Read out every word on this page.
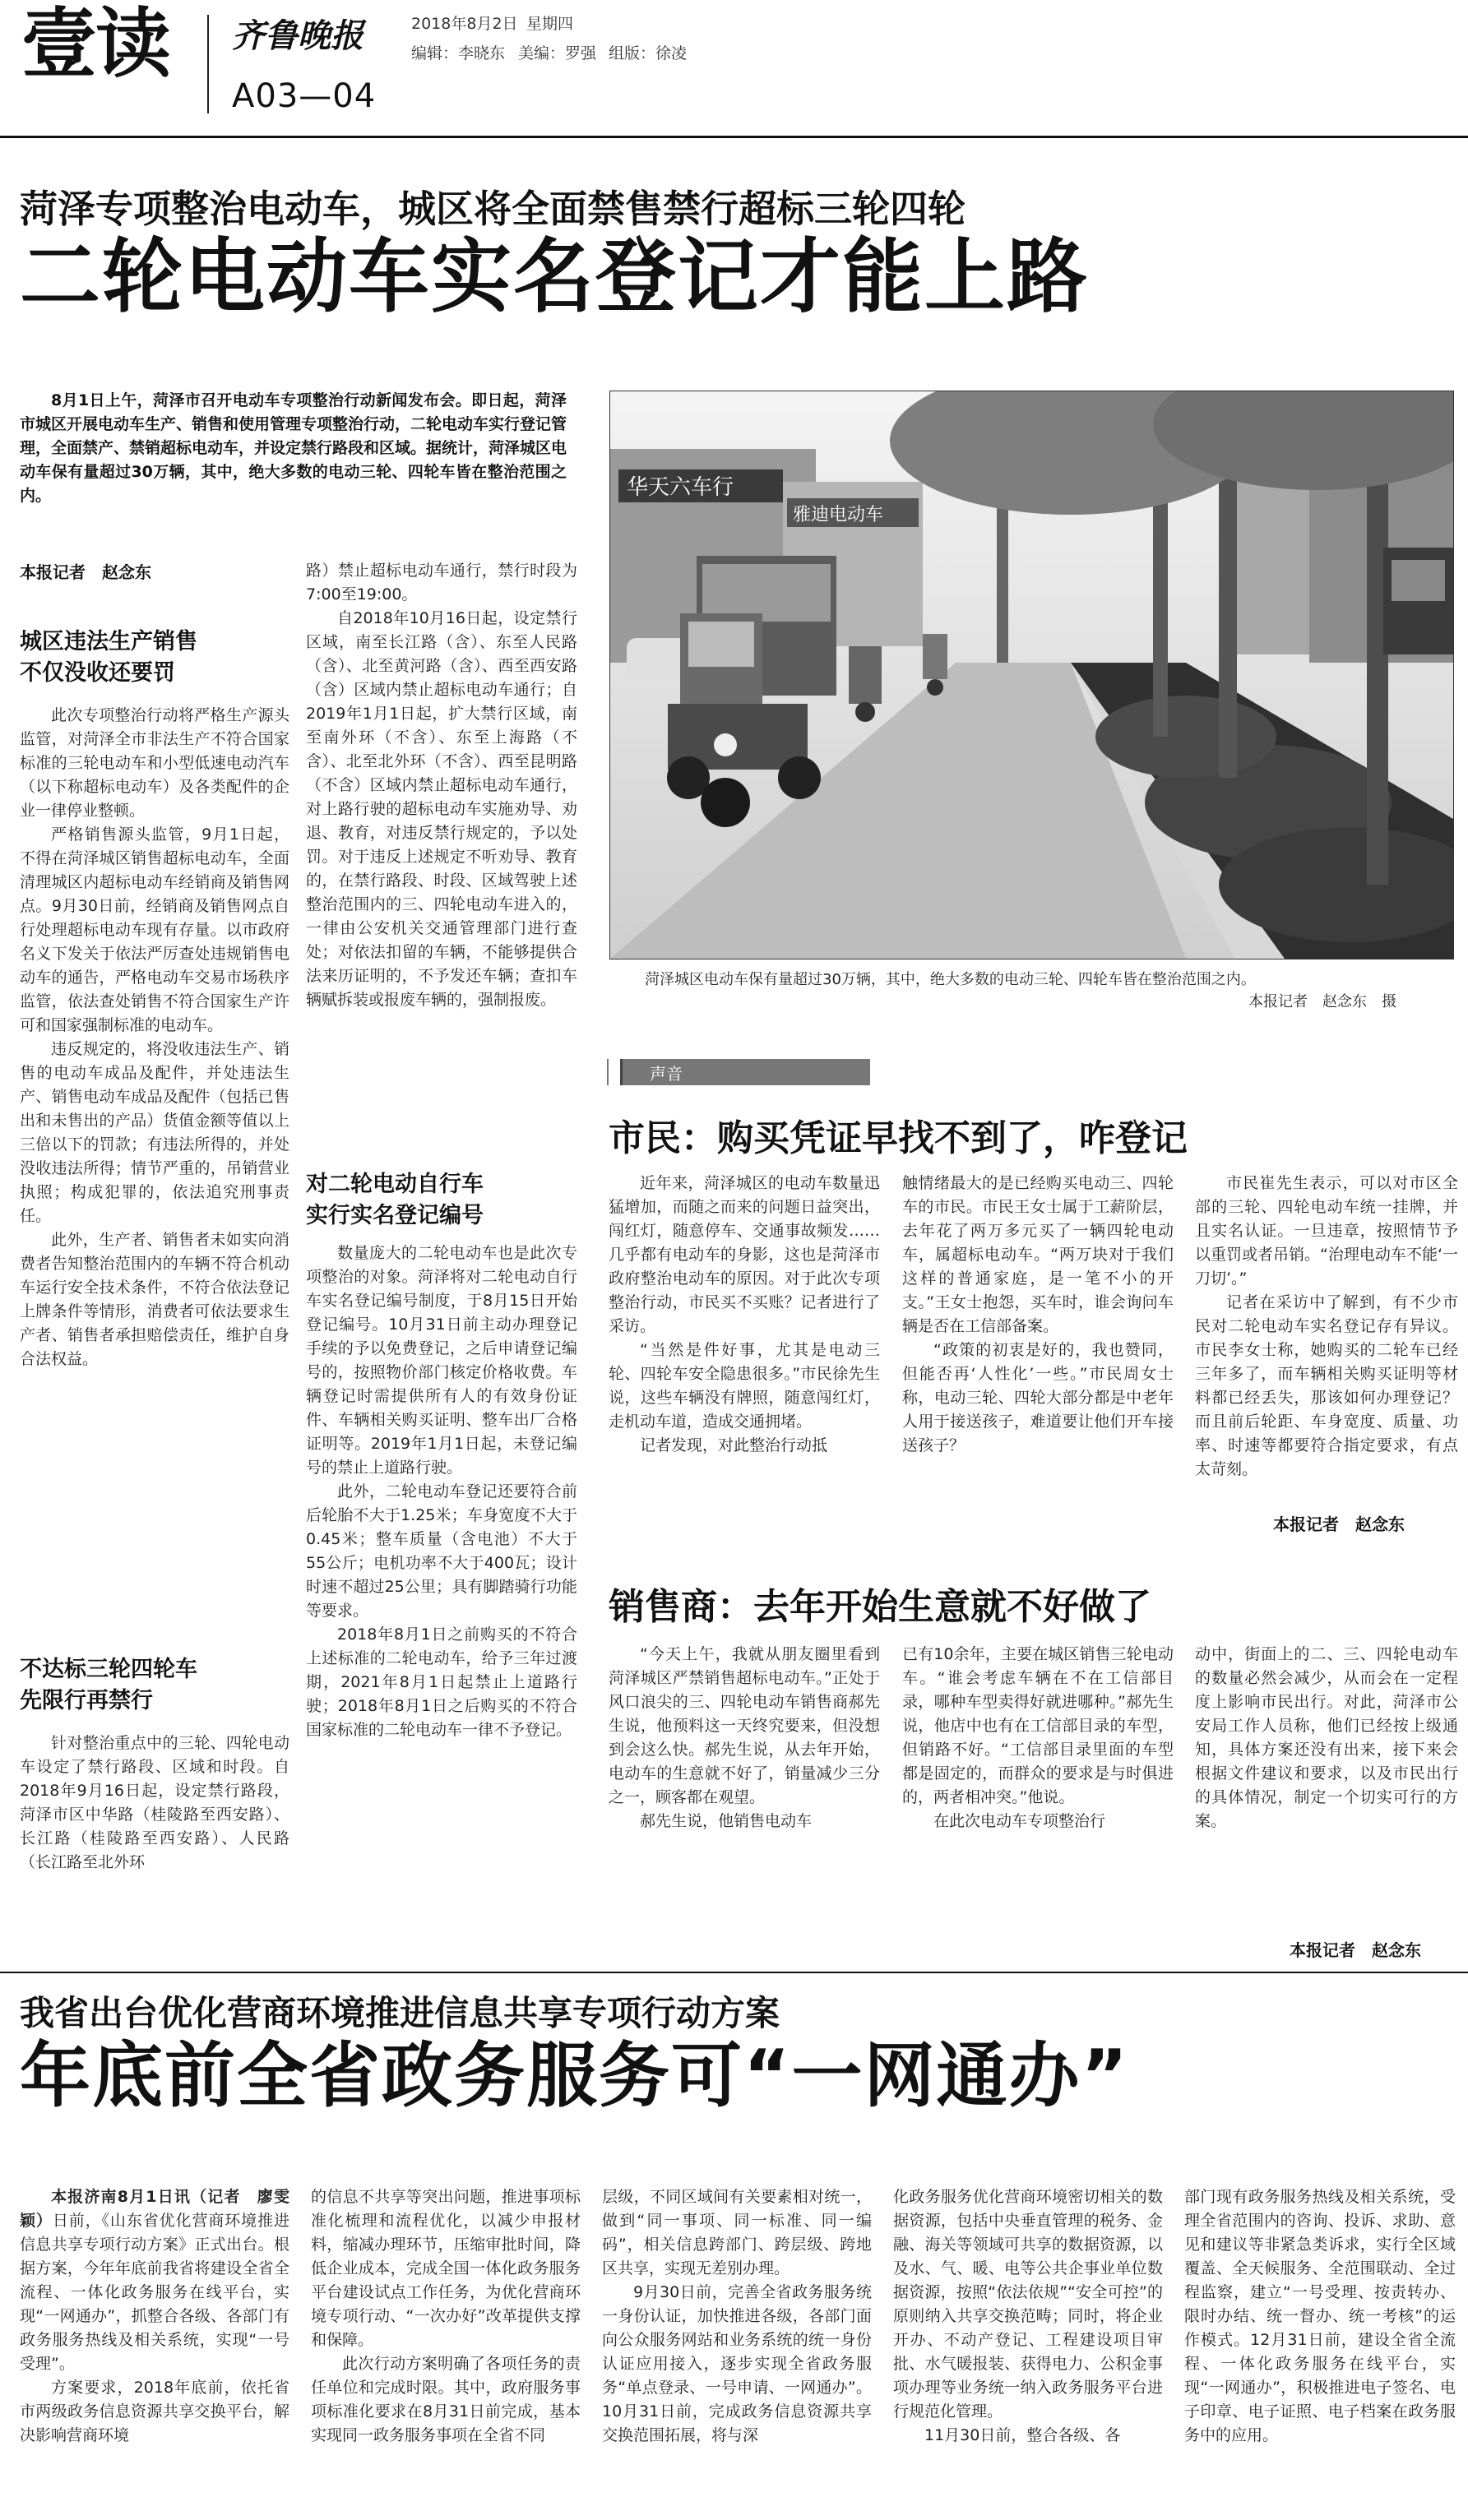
壹读 齐鲁晚报	2018年8月2日 星期四
编辑：李晓东 美编：罗强 组版：徐凌
A03—04
菏泽专项整治电动车，城区将全面禁售禁行超标三轮四轮
二轮电动车实名登记才能上路
8月1日上午，菏泽市召开电动车专项整治行动新闻发布会。即日起，菏泽市城区开展电动车生产、销售和使用管理专项整治行动，二轮电动车实行登记管理，全面禁产、禁销超标电动车，并设定禁行路段和区域。据统计，菏泽城区电动车保有量超过30万辆，其中，绝大多数的电动三轮、四轮车皆在整治范围之内。
本报记者　赵念东
城区违法生产销售
不仅没收还要罚

此次专项整治行动将严格生产源头监管，对菏泽全市非法生产不符合国家标准的三轮电动车和小型低速电动汽车（以下称超标电动车）及各类配件的企业一律停业整顿。

严格销售源头监管，9月1日起，不得在菏泽城区销售超标电动车，全面清理城区内超标电动车经销商及销售网点。9月30日前，经销商及销售网点自行处理超标电动车现有存量。以市政府名义下发关于依法严厉查处违规销售电动车的通告，严格电动车交易市场秩序监管，依法查处销售不符合国家生产许可和国家强制标准的电动车。

违反规定的，将没收违法生产、销售的电动车成品及配件，并处违法生产、销售电动车成品及配件（包括已售出和未售出的产品）货值金额等值以上三倍以下的罚款；有违法所得的，并处没收违法所得；情节严重的，吊销营业执照；构成犯罪的，依法追究刑事责任。

此外，生产者、销售者未如实向消费者告知整治范围内的车辆不符合机动车运行安全技术条件，不符合依法登记上牌条件等情形，消费者可依法要求生产者、销售者承担赔偿责任，维护自身合法权益。

不达标三轮四轮车
先限行再禁行

针对整治重点中的三轮、四轮电动车设定了禁行路段、区域和时段。自2018年9月16日起，设定禁行路段，菏泽市区中华路（桂陵路至西安路）、长江路（桂陵路至西安路）、人民路（长江路至北外环

路）禁止超标电动车通行，禁行时段为7:00至19:00。

自2018年10月16日起，设定禁行区域，南至长江路（含）、东至人民路（含）、北至黄河路（含）、西至西安路（含）区域内禁止超标电动车通行；自2019年1月1日起，扩大禁行区域，南至南外环（不含）、东至上海路（不含）、北至北外环（不含）、西至昆明路（不含）区域内禁止超标电动车通行，对上路行驶的超标电动车实施劝导、劝退、教育，对违反禁行规定的，予以处罚。对于违反上述规定不听劝导、教育的，在禁行路段、时段、区域驾驶上述整治范围内的三、四轮电动车进入的，一律由公安机关交通管理部门进行查处；对依法扣留的车辆，不能够提供合法来历证明的，不予发还车辆；查扣车辆赋拆装或报废车辆的，强制报废。

对二轮电动自行车
实行实名登记编号

数量庞大的二轮电动车也是此次专项整治的对象。菏泽将对二轮电动自行车实名登记编号制度，于8月15日开始登记编号。10月31日前主动办理登记手续的予以免费登记，之后申请登记编号的，按照物价部门核定价格收费。车辆登记时需提供所有人的有效身份证件、车辆相关购买证明、整车出厂合格证明等。2019年1月1日起，未登记编号的禁止上道路行驶。

此外，二轮电动车登记还要符合前后轮胎不大于1.25米；车身宽度不大于0.45米；整车质量（含电池）不大于55公斤；电机功率不大于400瓦；设计时速不超过25公里；具有脚踏骑行功能等要求。

2018年8月1日之前购买的不符合上述标准的二轮电动车，给予三年过渡期，2021年8月1日起禁止上道路行驶；2018年8月1日之后购买的不符合国家标准的二轮电动车一律不予登记。

华天六车行
雅迪电动车
菏泽城区电动车保有量超过30万辆，其中，绝大多数的电动三轮、四轮车皆在整治范围之内。
本报记者　赵念东　摄
声音
市民：购买凭证早找不到了，咋登记

近年来，菏泽城区的电动车数量迅猛增加，而随之而来的问题日益突出，闯红灯，随意停车、交通事故频发……几乎都有电动车的身影，这也是菏泽市政府整治电动车的原因。对于此次专项整治行动，市民买不买账？记者进行了采访。

“当然是件好事，尤其是电动三轮、四轮车安全隐患很多。”市民徐先生说，这些车辆没有牌照，随意闯红灯，走机动车道，造成交通拥堵。

记者发现，对此整治行动抵

触情绪最大的是已经购买电动三、四轮车的市民。市民王女士属于工薪阶层，去年花了两万多元买了一辆四轮电动车，属超标电动车。“两万块对于我们这样的普通家庭，是一笔不小的开支。”王女士抱怨，买车时，谁会询问车辆是否在工信部备案。

“政策的初衷是好的，我也赞同，但能否再‘人性化’一些。”市民周女士称，电动三轮、四轮大部分都是中老年人用于接送孩子，难道要让他们开车接送孩子？

市民崔先生表示，可以对市区全部的三轮、四轮电动车统一挂牌，并且实名认证。一旦违章，按照情节予以重罚或者吊销。“治理电动车不能‘一刀切’。”

记者在采访中了解到，有不少市民对二轮电动车实名登记存有异议。市民李女士称，她购买的二轮车已经三年多了，而车辆相关购买证明等材料都已经丢失，那该如何办理登记？而且前后轮距、车身宽度、质量、功率、时速等都要符合指定要求，有点太苛刻。

本报记者　赵念东
销售商：去年开始生意就不好做了

“今天上午，我就从朋友圈里看到菏泽城区严禁销售超标电动车。”正处于风口浪尖的三、四轮电动车销售商郝先生说，他预料这一天终究要来，但没想到会这么快。郝先生说，从去年开始，电动车的生意就不好了，销量减少三分之一，顾客都在观望。

郝先生说，他销售电动车

已有10余年，主要在城区销售三轮电动车。“谁会考虑车辆在不在工信部目录，哪种车型卖得好就进哪种。”郝先生说，他店中也有在工信部目录的车型，但销路不好。“工信部目录里面的车型都是固定的，而群众的要求是与时俱进的，两者相冲突。”他说。

在此次电动车专项整治行

动中，街面上的二、三、四轮电动车的数量必然会减少，从而会在一定程度上影响市民出行。对此，菏泽市公安局工作人员称，他们已经按上级通知，具体方案还没有出来，接下来会根据文件建议和要求，以及市民出行的具体情况，制定一个切实可行的方案。

本报记者　赵念东
我省出台优化营商环境推进信息共享专项行动方案
年底前全省政务服务可“一网通办”

本报济南8月1日讯（记者　廖雯颖）日前，《山东省优化营商环境推进信息共享专项行动方案》正式出台。根据方案，今年年底前我省将建设全省全流程、一体化政务服务在线平台，实现“一网通办”，抓整合各级、各部门有政务服务热线及相关系统，实现“一号受理”。

方案要求，2018年底前，依托省市两级政务信息资源共享交换平台，解决影响营商环境

的信息不共享等突出问题，推进事项标准化梳理和流程优化，以减少申报材料，缩减办理环节，压缩审批时间，降低企业成本，完成全国一体化政务服务平台建设试点工作任务，为优化营商环境专项行动、“一次办好”改革提供支撑和保障。

此次行动方案明确了各项任务的责任单位和完成时限。其中，政府服务事项标准化要求在8月31日前完成，基本实现同一政务服务事项在全省不同

层级，不同区域间有关要素相对统一，做到“同一事项、同一标准、同一编码”，相关信息跨部门、跨层级、跨地区共享，实现无差别办理。

9月30日前，完善全省政务服务统一身份认证，加快推进各级，各部门面向公众服务网站和业务系统的统一身份认证应用接入，逐步实现全省政务服务“单点登录、一号申请、一网通办”。10月31日前，完成政务信息资源共享交换范围拓展，将与深

化政务服务优化营商环境密切相关的数据资源，包括中央垂直管理的税务、金融、海关等领域可共享的数据资源，以及水、气、暖、电等公共企事业单位数据资源，按照“依法依规”“安全可控”的原则纳入共享交换范畴；同时，将企业开办、不动产登记、工程建设项目审批、水气暖报装、获得电力、公积金事项办理等业务统一纳入政务服务平台进行规范化管理。

11月30日前，整合各级、各

部门现有政务服务热线及相关系统，受理全省范围内的咨询、投诉、求助、意见和建议等非紧急类诉求，实行全区域覆盖、全天候服务、全范围联动、全过程监察，建立“一号受理、按责转办、限时办结、统一督办、统一考核”的运作模式。12月31日前，建设全省全流程、一体化政务服务在线平台，实现“一网通办”，积极推进电子签名、电子印章、电子证照、电子档案在政务服务中的应用。
